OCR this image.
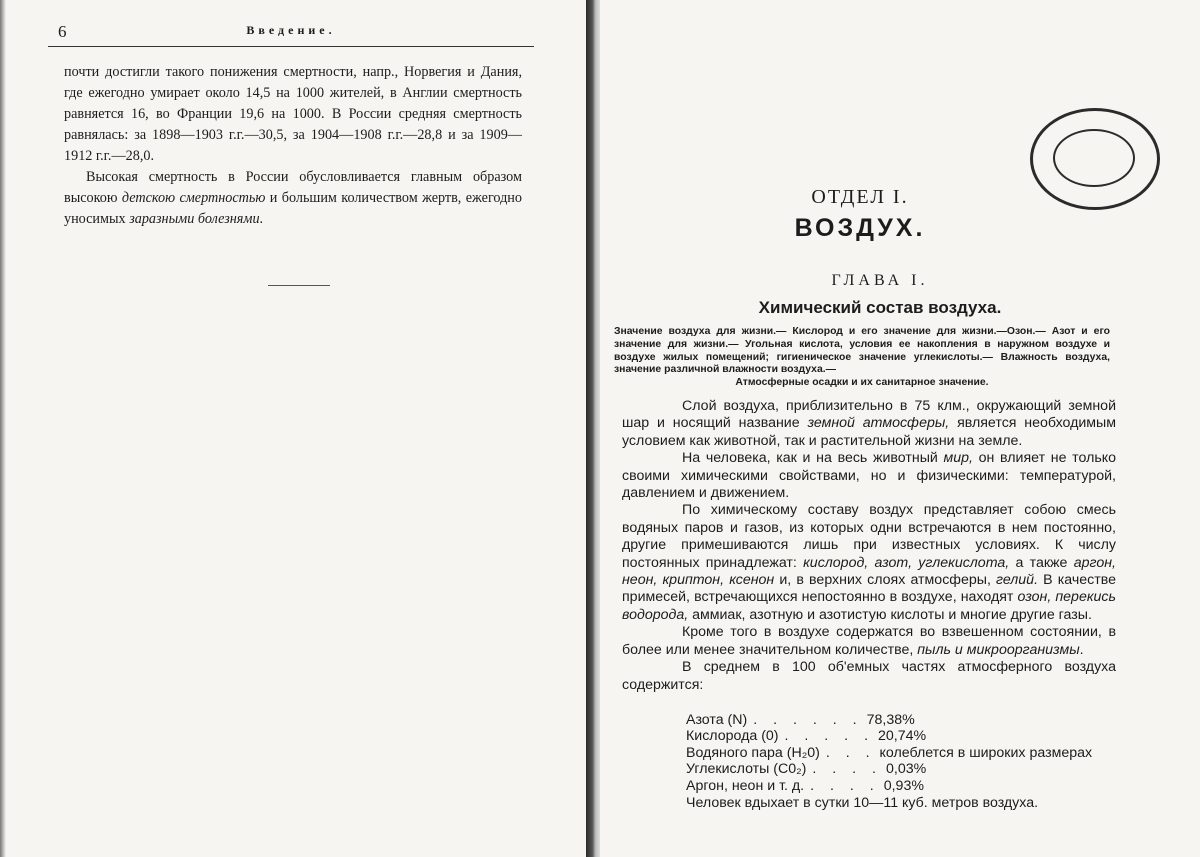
6	Введение.

почти достигли такого понижения смертности, напр., Норвегия и Дания, где ежегодно умирает около 14,5 на 1000 жителей, в Англии смертность равняется 16, во Франции 19,6 на 1000. В России средняя смертность равнялась: за 1898—1903 г.г.—30,5, за 1904—1908 г.г.—28,8 и за 1909—1912 г.г.—28,0.

Высокая смертность в России обусловливается главным образом высокою детскою смертностью и большим количеством жертв, ежегодно уносимых заразными болезнями.

ОТДЕЛ I.
ВОЗДУХ.
ГЛАВА I.
Химический состав воздуха.
Значение воздуха для жизни.— Кислород и его значение для жизни.—Озон.— Азот и его значение для жизни.— Угольная кислота, условия ее накопления в наружном воздухе и воздухе жилых помещений; гигиеническое значение углекислоты.— Влажность воздуха, значение различной влажности воздуха.—
Атмосферные осадки и их санитарное значение.

Слой воздуха, приблизительно в 75 клм., окружающий земной шар и носящий название земной атмосферы, является необходимым условием как животной, так и растительной жизни на земле.

На человека, как и на весь животный мир, он влияет не только своими химическими свойствами, но и физическими: температурой, давлением и движением.

По химическому составу воздух представляет собою смесь водяных паров и газов, из которых одни встречаются в нем постоянно, другие примешиваются лишь при известных условиях. К числу постоянных принадлежат: кислород, азот, углекислота, а также аргон, неон, криптон, ксенон и, в верхних слоях атмосферы, гелий. В качестве примесей, встречающихся непостоянно в воздухе, находят озон, перекись водорода, аммиак, азотную и азотистую кислоты и многие другие газы.

Кроме того в воздухе содержатся во взвешенном состоянии, в более или менее значительном количестве, пыль и микроорганизмы.

В среднем в 100 об'емных частях атмосферного воздуха содержится:

Азота (N) . . . . . . 78,38%
Кислорода (0) . . . . . 20,74%
Водяного пара (H₂0) . . . колеблется в широких размерах
Углекислоты (C0₂) . . . . 0,03%
Аргон, неон и т. д. . . . . 0,93%
Человек вдыхает в сутки 10—11 куб. метров воздуха.
